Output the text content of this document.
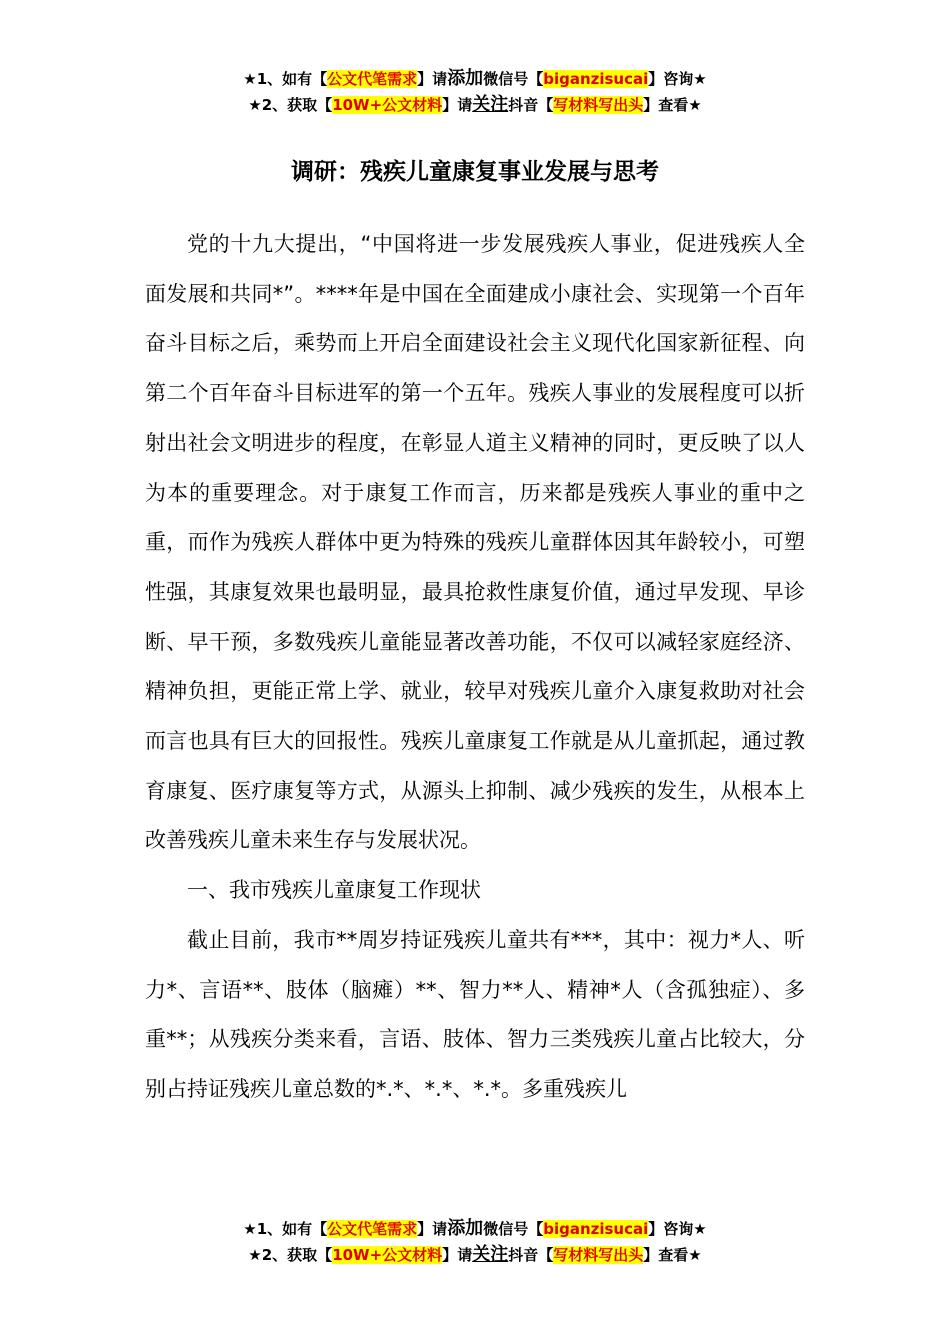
★1、如有【公文代笔需求】请添加微信号【biganzisucai】咨询★
★2、获取【10W+公文材料】请关注抖音【写材料写出头】查看★
调研：残疾儿童康复事业发展与思考

党的十九大提出，“中国将进一步发展残疾人事业，促进残疾人全面发展和共同*”。****年是中国在全面建成小康社会、实现第一个百年奋斗目标之后，乘势而上开启全面建设社会主义现代化国家新征程、向第二个百年奋斗目标进军的第一个五年。残疾人事业的发展程度可以折射出社会文明进步的程度，在彰显人道主义精神的同时，更反映了以人为本的重要理念。对于康复工作而言，历来都是残疾人事业的重中之重，而作为残疾人群体中更为特殊的残疾儿童群体因其年龄较小，可塑性强，其康复效果也最明显，最具抢救性康复价值，通过早发现、早诊断、早干预，多数残疾儿童能显著改善功能，不仅可以减轻家庭经济、精神负担，更能正常上学、就业，较早对残疾儿童介入康复救助对社会而言也具有巨大的回报性。残疾儿童康复工作就是从儿童抓起，通过教育康复、医疗康复等方式，从源头上抑制、减少残疾的发生，从根本上改善残疾儿童未来生存与发展状况。

一、我市残疾儿童康复工作现状

截止目前，我市**周岁持证残疾儿童共有***，其中：视力*人、听力*、言语**、肢体（脑瘫）**、智力**人、精神*人（含孤独症）、多重**；从残疾分类来看，言语、肢体、智力三类残疾儿童占比较大，分别占持证残疾儿童总数的*.*、*.*、*.*。多重残疾儿

★1、如有【公文代笔需求】请添加微信号【biganzisucai】咨询★
★2、获取【10W+公文材料】请关注抖音【写材料写出头】查看★
